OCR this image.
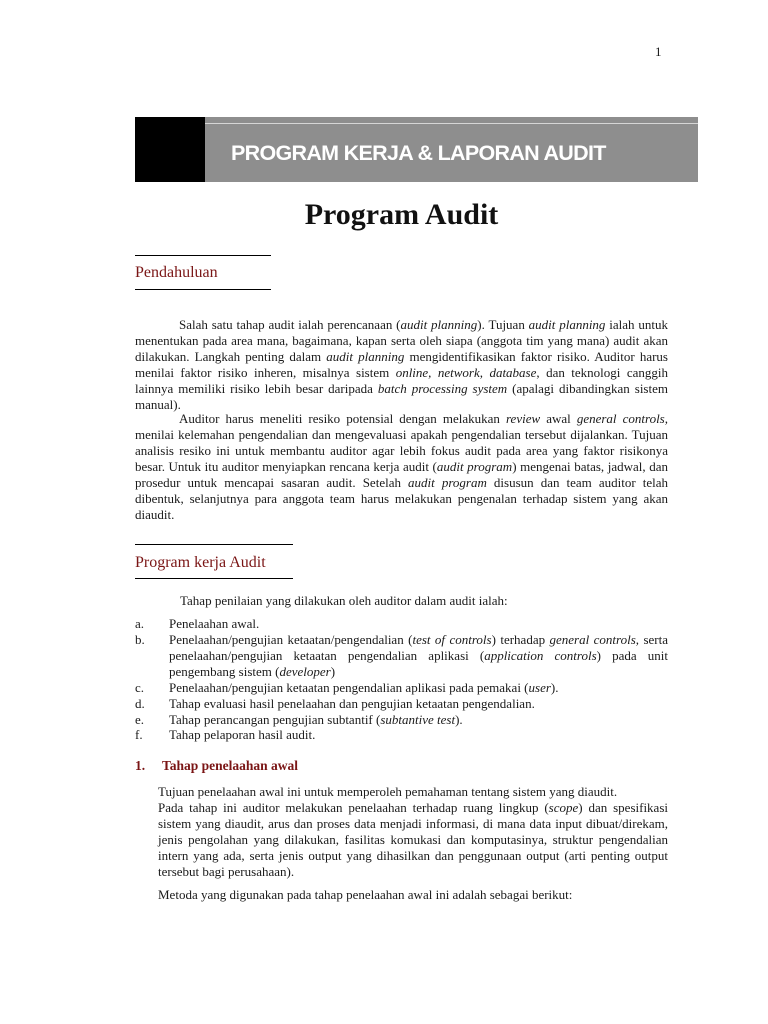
1
PROGRAM KERJA & LAPORAN AUDIT
Program Audit
Pendahuluan
Salah satu tahap audit ialah perencanaan (audit planning). Tujuan audit planning ialah untuk menentukan pada area mana, bagaimana, kapan serta oleh siapa (anggota tim yang mana) audit akan dilakukan. Langkah penting dalam audit planning mengidentifikasikan faktor risiko. Auditor harus menilai faktor risiko inheren, misalnya sistem online, network, database, dan teknologi canggih lainnya memiliki risiko lebih besar daripada batch processing system (apalagi dibandingkan sistem manual).
Auditor harus meneliti resiko potensial dengan melakukan review awal general controls, menilai kelemahan pengendalian dan mengevaluasi apakah pengendalian tersebut dijalankan. Tujuan analisis resiko ini untuk membantu auditor agar lebih fokus audit pada area yang faktor risikonya besar. Untuk itu auditor menyiapkan rencana kerja audit (audit program) mengenai batas, jadwal, dan prosedur untuk mencapai sasaran audit. Setelah audit program disusun dan team auditor telah dibentuk, selanjutnya para anggota team harus melakukan pengenalan terhadap sistem yang akan diaudit.
Program kerja Audit
Tahap penilaian yang dilakukan oleh auditor dalam audit ialah:
a. Penelaahan awal.
b. Penelaahan/pengujian ketaatan/pengendalian (test of controls) terhadap general controls, serta penelaahan/pengujian ketaatan pengendalian aplikasi (application controls) pada unit pengembang sistem (developer)
c. Penelaahan/pengujian ketaatan pengendalian aplikasi pada pemakai (user).
d. Tahap evaluasi hasil penelaahan dan pengujian ketaatan pengendalian.
e. Tahap perancangan pengujian subtantif (subtantive test).
f. Tahap pelaporan hasil audit.
1. Tahap penelaahan awal
Tujuan penelaahan awal ini untuk memperoleh pemahaman tentang sistem yang diaudit.
Pada tahap ini auditor melakukan penelaahan terhadap ruang lingkup (scope) dan spesifikasi sistem yang diaudit, arus dan proses data menjadi informasi, di mana data input dibuat/direkam, jenis pengolahan yang dilakukan, fasilitas komukasi dan komputasinya, struktur pengendalian intern yang ada, serta jenis output yang dihasilkan dan penggunaan output (arti penting output tersebut bagi perusahaan).
Metoda yang digunakan pada tahap penelaahan awal ini adalah sebagai berikut:
